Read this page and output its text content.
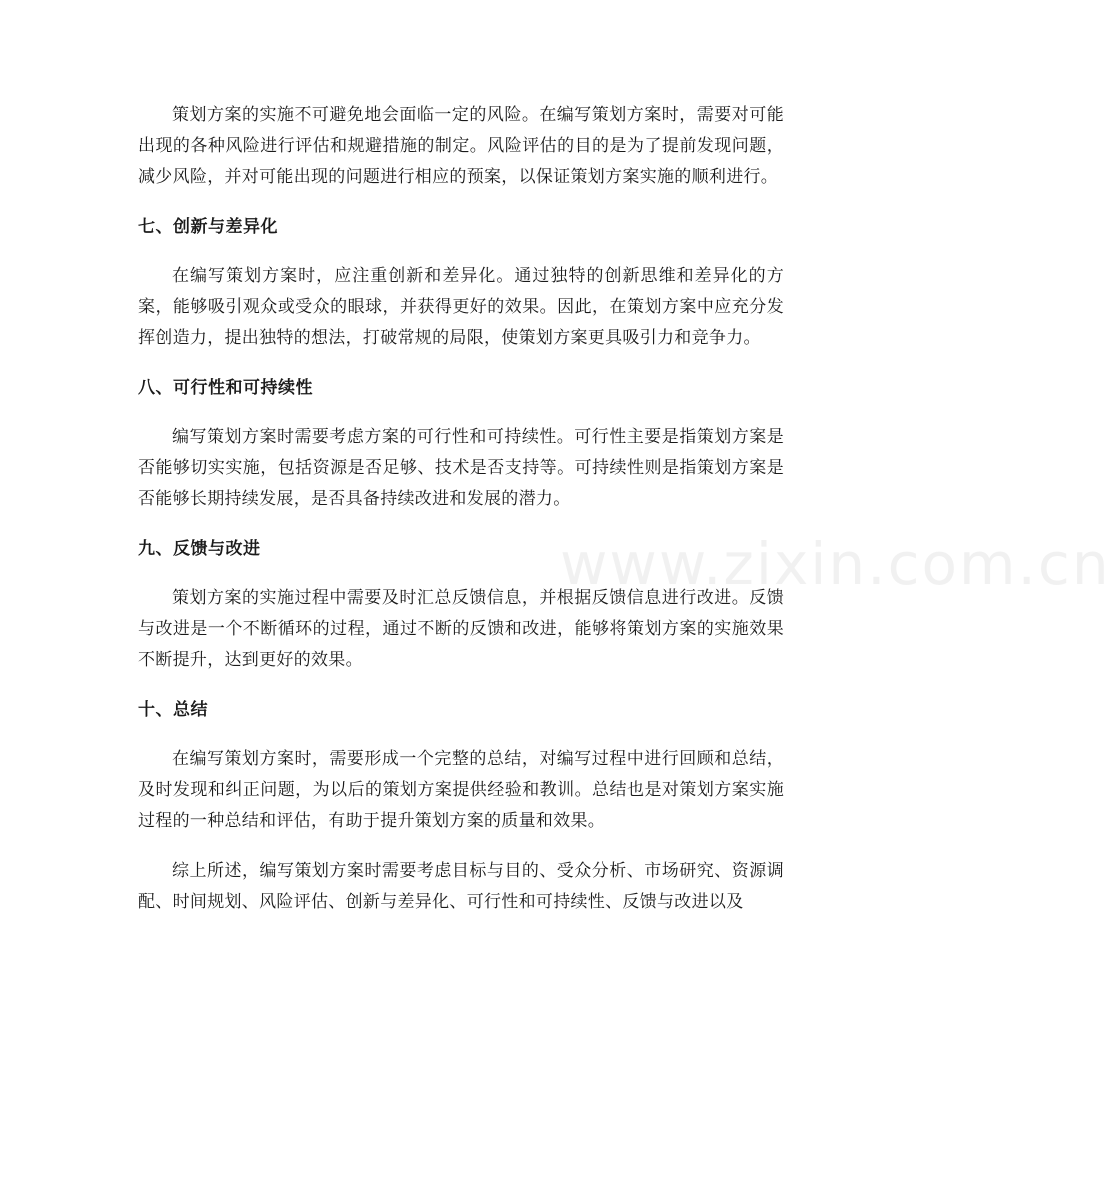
策划方案的实施不可避免地会面临一定的风险。在编写策划方案时，需要对可能出现的各种风险进行评估和规避措施的制定。风险评估的目的是为了提前发现问题，减少风险，并对可能出现的问题进行相应的预案，以保证策划方案实施的顺利进行。

七、创新与差异化

在编写策划方案时，应注重创新和差异化。通过独特的创新思维和差异化的方案，能够吸引观众或受众的眼球，并获得更好的效果。因此，在策划方案中应充分发挥创造力，提出独特的想法，打破常规的局限，使策划方案更具吸引力和竞争力。

八、可行性和可持续性

编写策划方案时需要考虑方案的可行性和可持续性。可行性主要是指策划方案是否能够切实实施，包括资源是否足够、技术是否支持等。可持续性则是指策划方案是否能够长期持续发展，是否具备持续改进和发展的潜力。

九、反馈与改进

策划方案的实施过程中需要及时汇总反馈信息，并根据反馈信息进行改进。反馈与改进是一个不断循环的过程，通过不断的反馈和改进，能够将策划方案的实施效果不断提升，达到更好的效果。

十、总结

在编写策划方案时，需要形成一个完整的总结，对编写过程中进行回顾和总结，及时发现和纠正问题，为以后的策划方案提供经验和教训。总结也是对策划方案实施过程的一种总结和评估，有助于提升策划方案的质量和效果。

综上所述，编写策划方案时需要考虑目标与目的、受众分析、市场研究、资源调配、时间规划、风险评估、创新与差异化、可行性和可持续性、反馈与改进以及

www.zixin.com.cn
